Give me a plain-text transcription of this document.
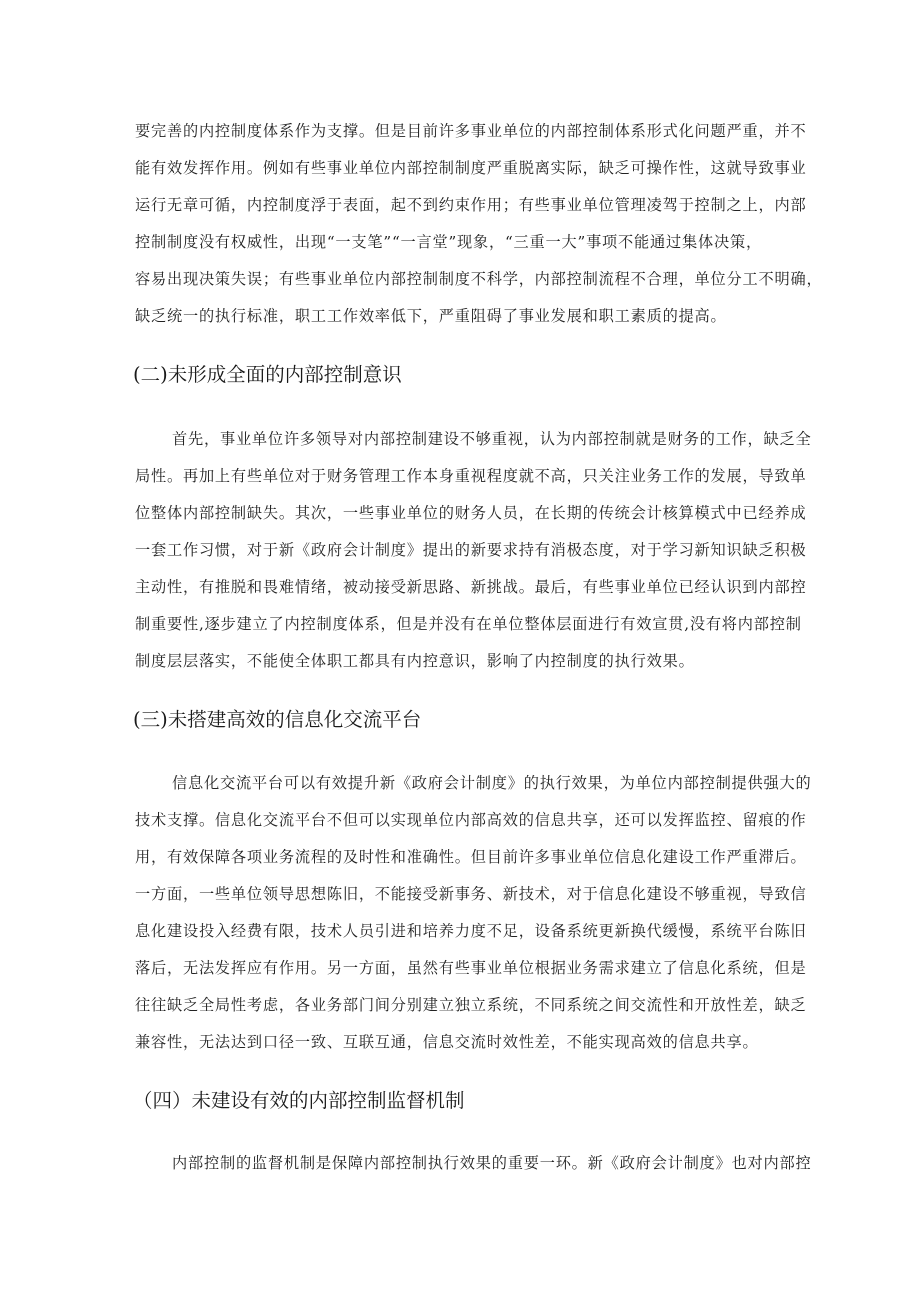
要完善的内控制度体系作为支撑。但是目前许多事业单位的内部控制体系形式化问题严重，并不
能有效发挥作用。例如有些事业单位内部控制制度严重脱离实际，缺乏可操作性，这就导致事业
运行无章可循，内控制度浮于表面，起不到约束作用；有些事业单位管理凌驾于控制之上，内部
控制制度没有权威性，出现“一支笔”“一言堂”现象，“三重一大”事项不能通过集体决策，
容易出现决策失误；有些事业单位内部控制制度不科学，内部控制流程不合理，单位分工不明确，
缺乏统一的执行标准，职工工作效率低下，严重阻碍了事业发展和职工素质的提高。
(二)未形成全面的内部控制意识
首先，事业单位许多领导对内部控制建设不够重视，认为内部控制就是财务的工作，缺乏全
局性。再加上有些单位对于财务管理工作本身重视程度就不高，只关注业务工作的发展，导致单
位整体内部控制缺失。其次，一些事业单位的财务人员，在长期的传统会计核算模式中已经养成
一套工作习惯，对于新《政府会计制度》提出的新要求持有消极态度，对于学习新知识缺乏积极
主动性，有推脱和畏难情绪，被动接受新思路、新挑战。最后，有些事业单位已经认识到内部控
制重要性,逐步建立了内控制度体系，但是并没有在单位整体层面进行有效宣贯,没有将内部控制
制度层层落实，不能使全体职工都具有内控意识，影响了内控制度的执行效果。
(三)未搭建高效的信息化交流平台
信息化交流平台可以有效提升新《政府会计制度》的执行效果，为单位内部控制提供强大的
技术支撑。信息化交流平台不但可以实现单位内部高效的信息共享，还可以发挥监控、留痕的作
用，有效保障各项业务流程的及时性和准确性。但目前许多事业单位信息化建设工作严重滞后。
一方面，一些单位领导思想陈旧，不能接受新事务、新技术，对于信息化建设不够重视，导致信
息化建设投入经费有限，技术人员引进和培养力度不足，设备系统更新换代缓慢，系统平台陈旧
落后，无法发挥应有作用。另一方面，虽然有些事业单位根据业务需求建立了信息化系统，但是
往往缺乏全局性考虑，各业务部门间分别建立独立系统，不同系统之间交流性和开放性差，缺乏
兼容性，无法达到口径一致、互联互通，信息交流时效性差，不能实现高效的信息共享。
（四）未建设有效的内部控制监督机制
内部控制的监督机制是保障内部控制执行效果的重要一环。新《政府会计制度》也对内部控
